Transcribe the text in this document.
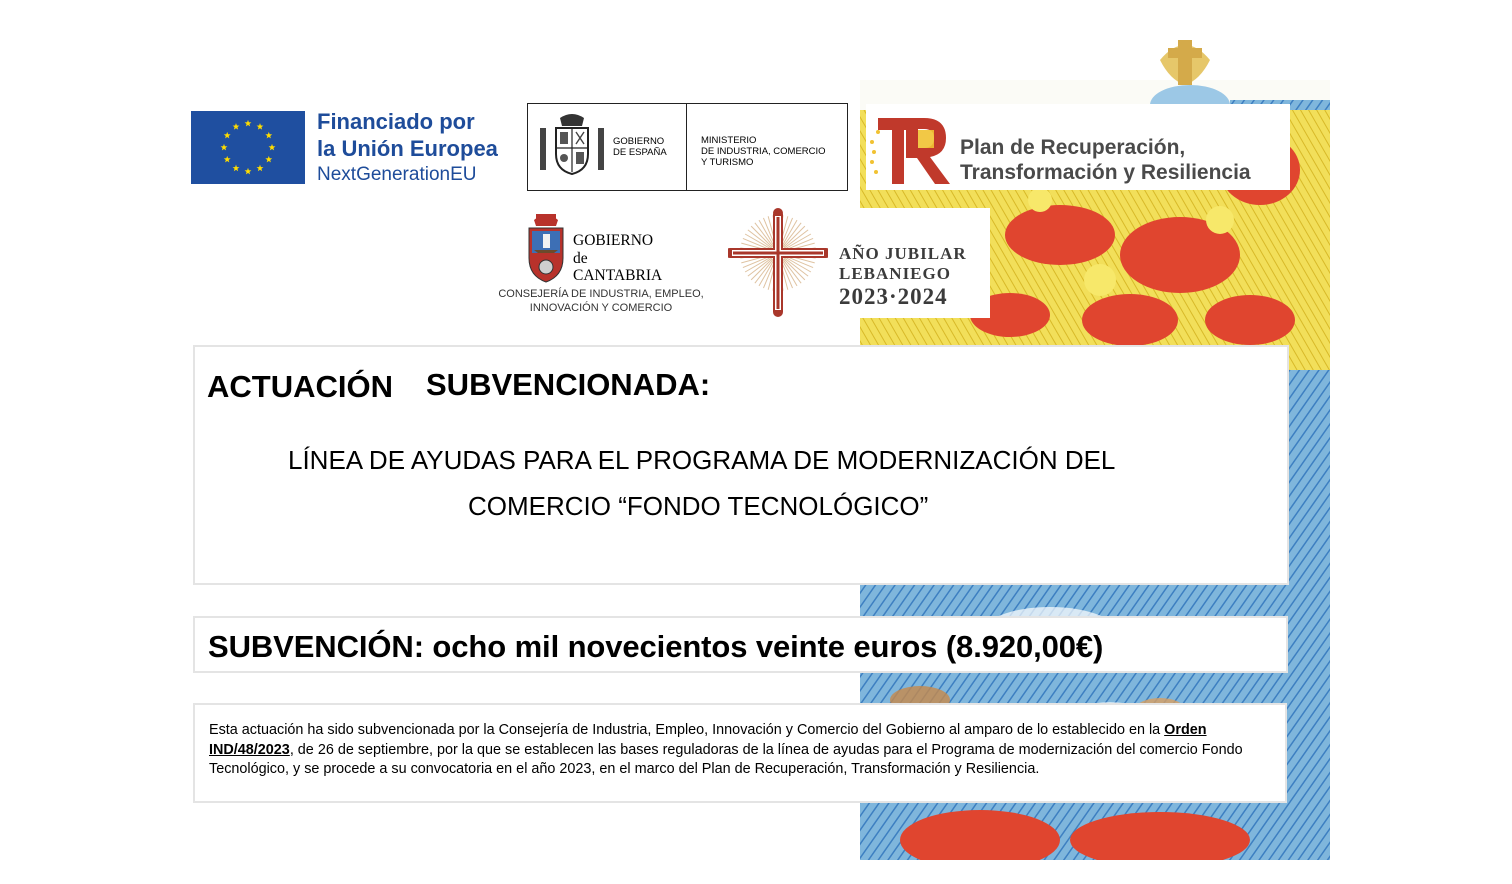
Financiado por
la Unión Europea
NextGenerationEU
GOBIERNO
DE ESPAÑA
MINISTERIO
DE INDUSTRIA, COMERCIO
Y TURISMO
Plan de Recuperación,
Transformación y Resiliencia
GOBIERNO
de
CANTABRIA
CONSEJERÍA DE INDUSTRIA, EMPLEO,
INNOVACIÓN Y COMERCIO
AÑO JUBILAR
LEBANIEGO
2023·2024
ACTUACIÓN SUBVENCIONADA:
LÍNEA DE AYUDAS PARA EL PROGRAMA DE MODERNIZACIÓN DEL
COMERCIO “FONDO TECNOLÓGICO”
SUBVENCIÓN: ocho mil novecientos veinte euros (8.920,00€)
Esta actuación ha sido subvencionada por la Consejería de Industria, Empleo, Innovación y Comercio del Gobierno al amparo de lo establecido en la Orden IND/48/2023, de 26 de septiembre, por la que se establecen las bases reguladoras de la línea de ayudas para el Programa de modernización del comercio Fondo Tecnológico, y se procede a su convocatoria en el año 2023, en el marco del Plan de Recuperación, Transformación y Resiliencia.
